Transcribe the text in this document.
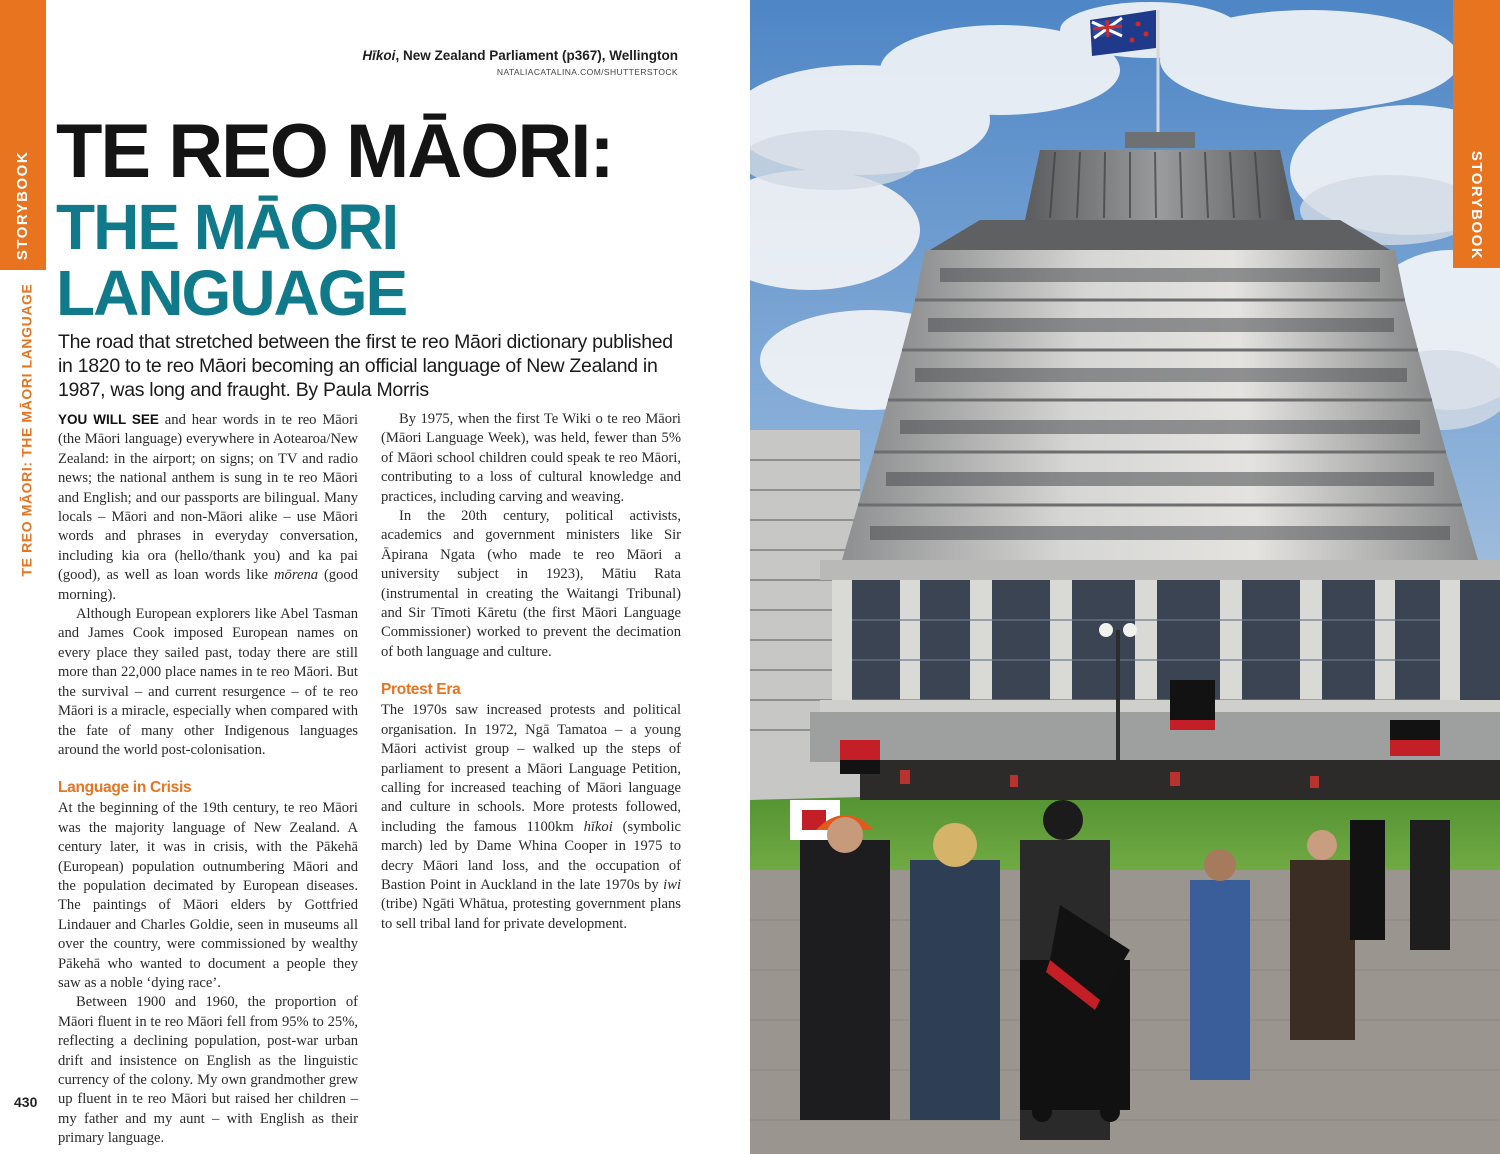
STORYBOOK
TE REO MĀORI: THE MĀORI LANGUAGE
Hīkoi, New Zealand Parliament (p367), Wellington
NATALIACATALINA.COM/SHUTTERSTOCK
TE REO MĀORI:
THE MĀORI
LANGUAGE
The road that stretched between the first te reo Māori dictionary published in 1820 to te reo Māori becoming an official language of New Zealand in 1987, was long and fraught. By Paula Morris

YOU WILL SEE and hear words in te reo Māori (the Māori language) everywhere in Aotearoa/New Zealand: in the airport; on signs; on TV and radio news; the national anthem is sung in te reo Māori and English; and our passports are bilingual. Many locals – Māori and non-Māori alike – use Māori words and phrases in everyday conversation, including kia ora (hello/thank you) and ka pai (good), as well as loan words like mōrena (good morning).

Although European explorers like Abel Tasman and James Cook imposed European names on every place they sailed past, today there are still more than 22,000 place names in te reo Māori. But the survival – and current resurgence – of te reo Māori is a miracle, especially when compared with the fate of many other Indigenous languages around the world post-colonisation.

Language in Crisis

At the beginning of the 19th century, te reo Māori was the majority language of New Zealand. A century later, it was in crisis, with the Pākehā (European) population outnumbering Māori and the population decimated by European diseases. The paintings of Māori elders by Gottfried Lindauer and Charles Goldie, seen in museums all over the country, were commissioned by wealthy Pākehā who wanted to document a people they saw as a noble ‘dying race’.

Between 1900 and 1960, the proportion of Māori fluent in te reo Māori fell from 95% to 25%, reflecting a declining population, post-war urban drift and insistence on English as the linguistic currency of the colony. My own grandmother grew up fluent in te reo Māori but raised her children – my father and my aunt – with English as their primary language.

By 1975, when the first Te Wiki o te reo Māori (Māori Language Week), was held, fewer than 5% of Māori school children could speak te reo Māori, contributing to a loss of cultural knowledge and practices, including carving and weaving.

In the 20th century, political activists, academics and government ministers like Sir Āpirana Ngata (who made te reo Māori a university subject in 1923), Mātiu Rata (instrumental in creating the Waitangi Tribunal) and Sir Tīmoti Kāretu (the first Māori Language Commissioner) worked to prevent the decimation of both language and culture.

Protest Era

The 1970s saw increased protests and political organisation. In 1972, Ngā Tamatoa – a young Māori activist group – walked up the steps of parliament to present a Māori Language Petition, calling for increased teaching of Māori language and culture in schools. More protests followed, including the famous 1100km hīkoi (symbolic march) led by Dame Whina Cooper in 1975 to decry Māori land loss, and the occupation of Bastion Point in Auckland in the late 1970s by iwi (tribe) Ngāti Whātua, protesting government plans to sell tribal land for private development.

430
STORYBOOK
